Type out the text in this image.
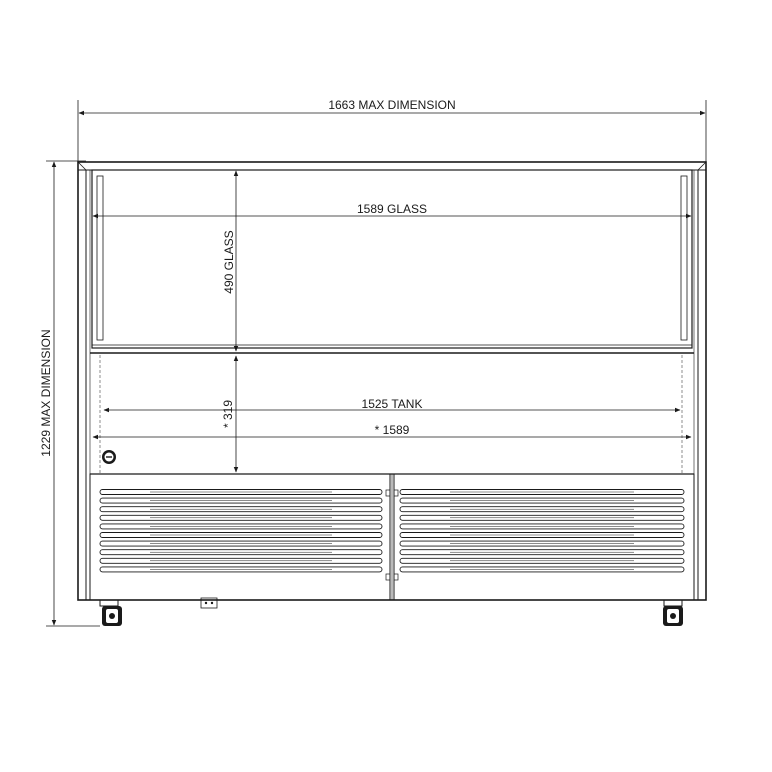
1663 MAX DIMENSION
1229 MAX DIMENSION
1589 GLASS
490 GLASS
1525 TANK
* 319
* 1589
